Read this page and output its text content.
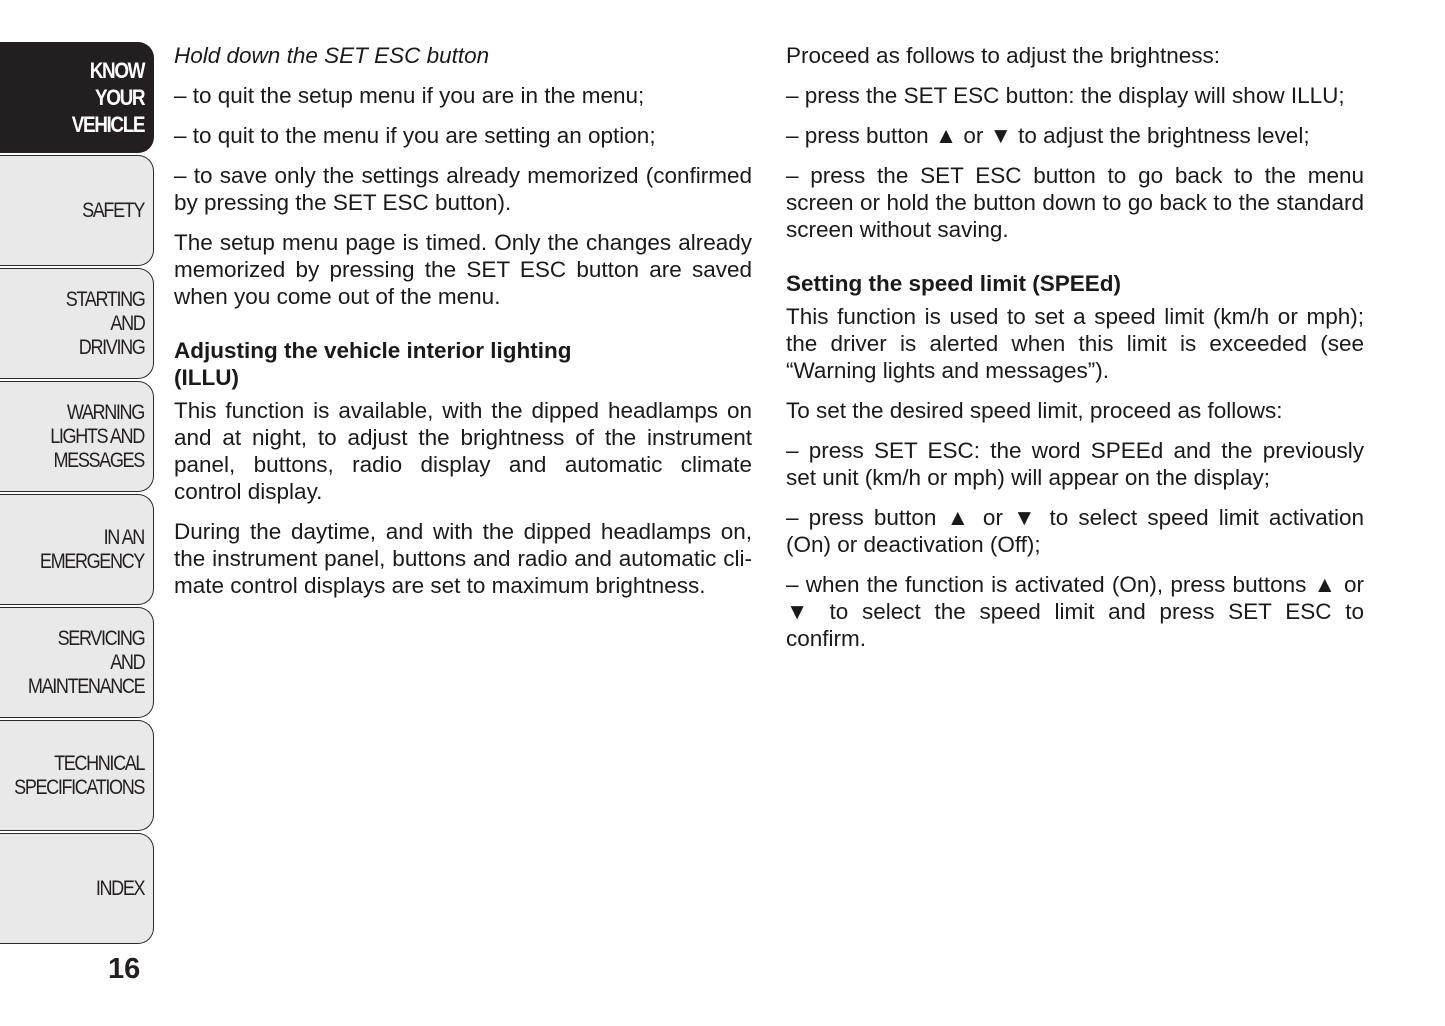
KNOW
YOUR
VEHICLE
SAFETY
STARTING
AND
DRIVING
WARNING
LIGHTS AND
MESSAGES
IN AN
EMERGENCY
SERVICING
AND
MAINTENANCE
TECHNICAL
SPECIFICATIONS
INDEX
16

Hold down the SET ESC button

– to quit the setup menu if you are in the menu;

– to quit to the menu if you are setting an option;

– to save only the settings already memorized (confirmed by pressing the SET ESC button).

The setup menu page is timed. Only the changes already memorized by pressing the SET ESC button are saved when you come out of the menu.

Adjusting the vehicle interior lighting (ILLU)

This function is available, with the dipped headlamps on and at night, to adjust the brightness of the instrument panel, buttons, radio display and automatic climate control display.

During the daytime, and with the dipped headlamps on, the instrument panel, buttons and radio and automatic climate control displays are set to maximum brightness.

Proceed as follows to adjust the brightness:

– press the SET ESC button: the display will show ILLU;

– press button ▲ or ▼ to adjust the brightness level;

– press the SET ESC button to go back to the menu screen or hold the button down to go back to the standard screen without saving.

Setting the speed limit (SPEEd)

This function is used to set a speed limit (km/h or mph); the driver is alerted when this limit is exceeded (see “Warning lights and messages”).

To set the desired speed limit, proceed as follows:

– press SET ESC: the word SPEEd and the previously set unit (km/h or mph) will appear on the display;

– press button ▲ or ▼ to select speed limit activation (On) or deactivation (Off);

– when the function is activated (On), press buttons ▲ or ▼ to select the speed limit and press SET ESC to confirm.
